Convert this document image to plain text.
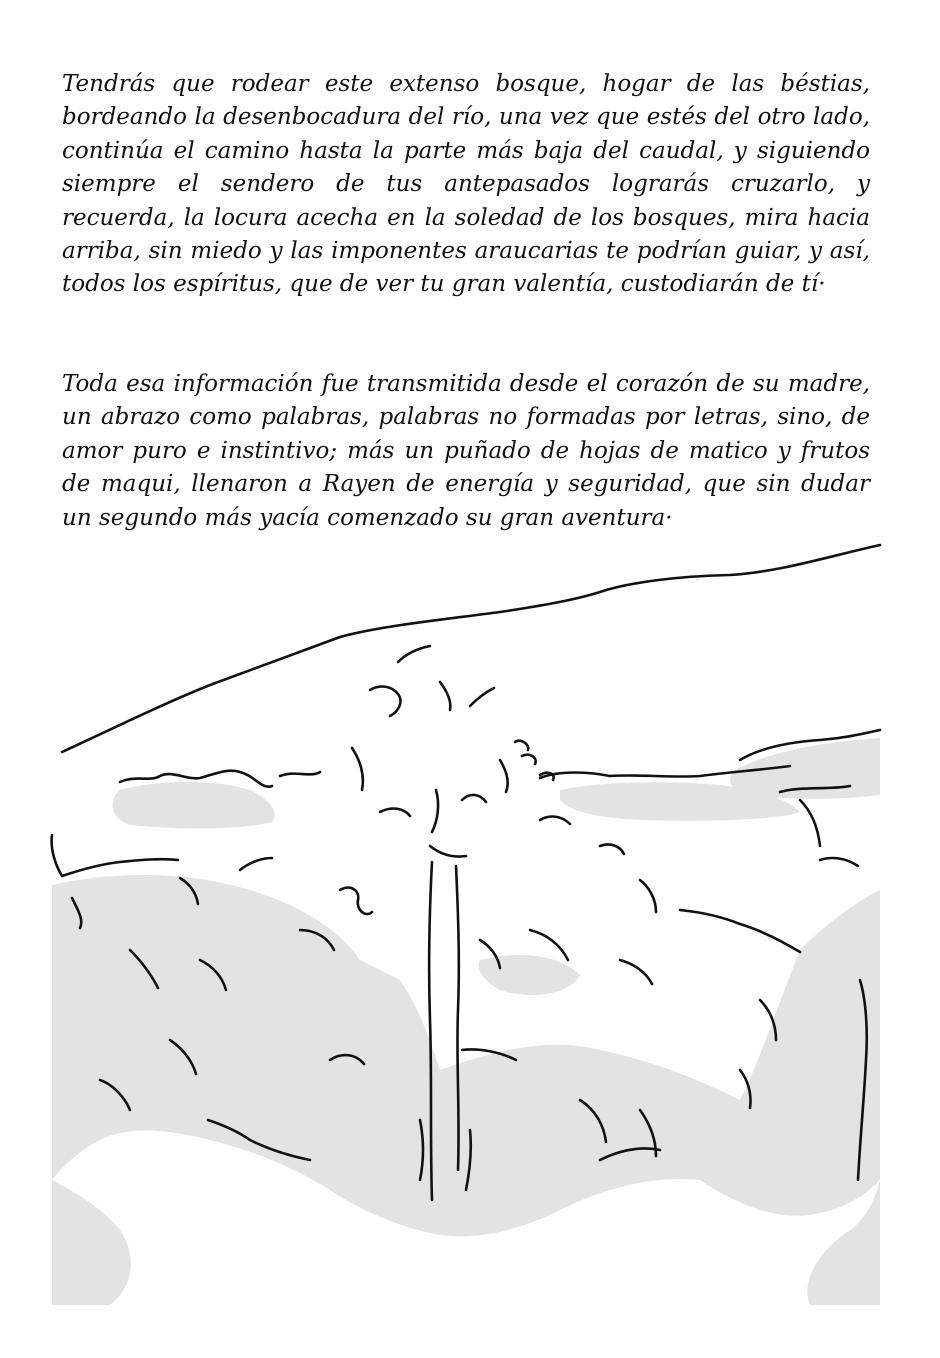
Tendrás que rodear este extenso bosque, hogar de las béstias, bordeando la desenbocadura del río, una vez que estés del otro lado, continúa el camino hasta la parte más baja del caudal, y siguiendo siempre el sendero de tus antepasados lograrás cruzarlo, y recuerda, la locura acecha en la soledad de los bosques, mira hacia arriba, sin miedo y las imponentes araucarias te podrían guiar, y así, todos los espíritus, que de ver tu gran valentía, custodiarán de tí·

Toda esa información fue transmitida desde el corazón de su madre, un abrazo como palabras, palabras no formadas por letras, sino, de amor puro e instintivo; más un puñado de hojas de matico y frutos de maqui, llenaron a Rayen de energía y seguridad, que sin dudar un segundo más yacía comenzado su gran aventura·
